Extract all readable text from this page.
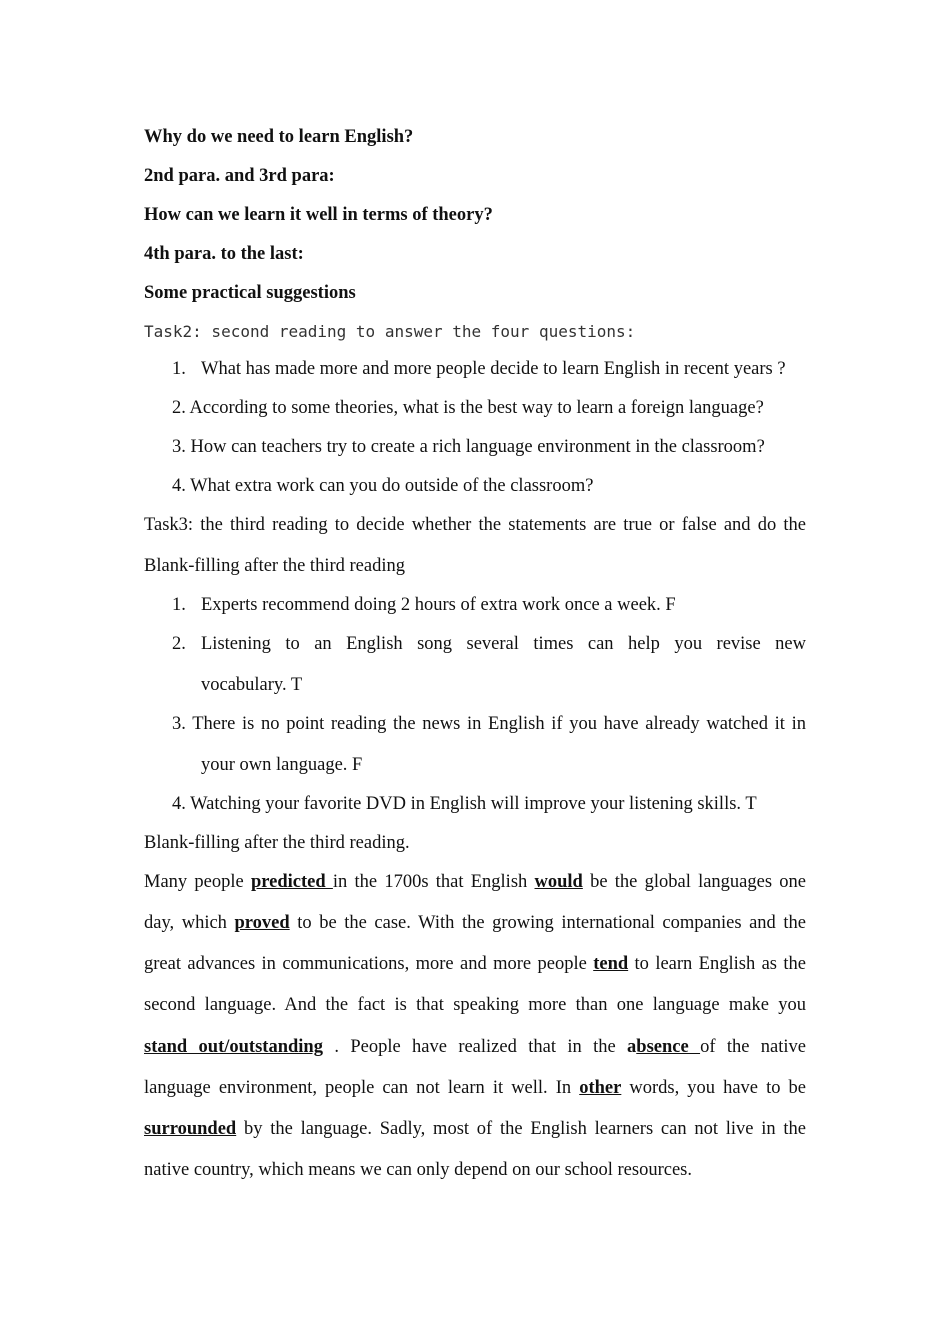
Why do we need to learn English?
2nd para. and 3rd para:
How can we learn it well in terms of theory?
4th para. to the last:
Some practical suggestions
Task2: second reading to answer the four questions:
1. What has made more and more people decide to learn English in recent years ?
2. According to some theories, what is the best way to learn a foreign language?
3. How can teachers try to create a rich language environment in the classroom?
4. What extra work can you do outside of the classroom?
Task3: the third reading to decide whether the statements are true or false and do the
Blank-filling after the third reading
1. Experts recommend doing 2 hours of extra work once a week. F
2. Listening to an English song several times can help you revise new
vocabulary. T
3. There is no point reading the news in English if you have already watched it in
your own language. F
4. Watching your favorite DVD in English will improve your listening skills. T
Blank-filling after the third reading.
Many people predicted in the 1700s that English would be the global languages one
day, which proved to be the case. With the growing international companies and the
great advances in communications, more and more people tend to learn English as the
second language. And the fact is that speaking more than one language make you
stand out/outstanding . People have realized that in the absence of the native
language environment, people can not learn it well. In other words, you have to be
surrounded by the language. Sadly, most of the English learners can not live in the
native country, which means we can only depend on our school resources.
